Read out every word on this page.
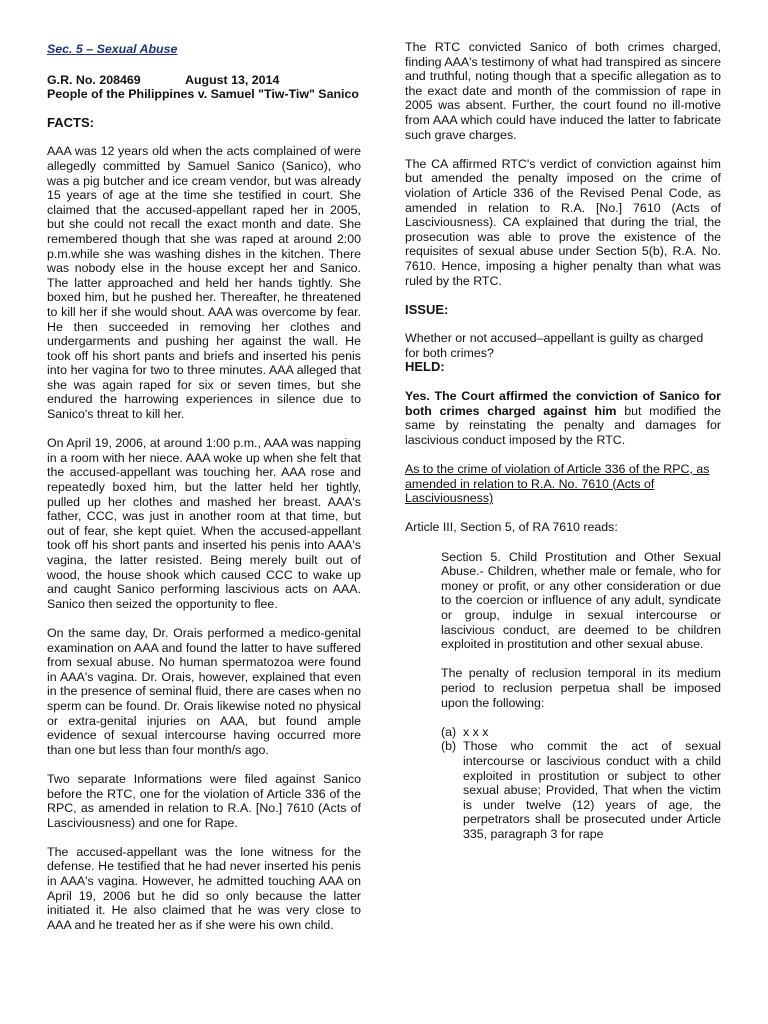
Sec. 5 – Sexual Abuse
G.R. No. 208469	August 13, 2014
People of the Philippines v. Samuel "Tiw-Tiw" Sanico
FACTS:

AAA was 12 years old when the acts complained of were allegedly committed by Samuel Sanico (Sanico), who was a pig butcher and ice cream vendor, but was already 15 years of age at the time she testified in court. She claimed that the accused-appellant raped her in 2005, but she could not recall the exact month and date. She remembered though that she was raped at around 2:00 p.m.while she was washing dishes in the kitchen. There was nobody else in the house except her and Sanico. The latter approached and held her hands tightly. She boxed him, but he pushed her. Thereafter, he threatened to kill her if she would shout. AAA was overcome by fear. He then succeeded in removing her clothes and undergarments and pushing her against the wall. He took off his short pants and briefs and inserted his penis into her vagina for two to three minutes. AAA alleged that she was again raped for six or seven times, but she endured the harrowing experiences in silence due to Sanico's threat to kill her.

On April 19, 2006, at around 1:00 p.m., AAA was napping in a room with her niece. AAA woke up when she felt that the accused-appellant was touching her. AAA rose and repeatedly boxed him, but the latter held her tightly, pulled up her clothes and mashed her breast. AAA's father, CCC, was just in another room at that time, but out of fear, she kept quiet. When the accused-appellant took off his short pants and inserted his penis into AAA's vagina, the latter resisted. Being merely built out of wood, the house shook which caused CCC to wake up and caught Sanico performing lascivious acts on AAA. Sanico then seized the opportunity to flee.

On the same day, Dr. Orais performed a medico-genital examination on AAA and found the latter to have suffered from sexual abuse. No human spermatozoa were found in AAA's vagina. Dr. Orais, however, explained that even in the presence of seminal fluid, there are cases when no sperm can be found. Dr. Orais likewise noted no physical or extra-genital injuries on AAA, but found ample evidence of sexual intercourse having occurred more than one but less than four month/s ago.

Two separate Informations were filed against Sanico before the RTC, one for the violation of Article 336 of the RPC, as amended in relation to R.A. [No.] 7610 (Acts of Lasciviousness) and one for Rape.

The accused-appellant was the lone witness for the defense. He testified that he had never inserted his penis in AAA's vagina. However, he admitted touching AAA on April 19, 2006 but he did so only because the latter initiated it. He also claimed that he was very close to AAA and he treated her as if she were his own child.

The RTC convicted Sanico of both crimes charged, finding AAA's testimony of what had transpired as sincere and truthful, noting though that a specific allegation as to the exact date and month of the commission of rape in 2005 was absent. Further, the court found no ill-motive from AAA which could have induced the latter to fabricate such grave charges.

The CA affirmed RTC's verdict of conviction against him but amended the penalty imposed on the crime of violation of Article 336 of the Revised Penal Code, as amended in relation to R.A. [No.] 7610 (Acts of Lasciviousness). CA explained that during the trial, the prosecution was able to prove the existence of the requisites of sexual abuse under Section 5(b), R.A. No. 7610. Hence, imposing a higher penalty than what was ruled by the RTC.

ISSUE:
Whether or not accused–appellant is guilty as charged for both crimes?
HELD:

Yes. The Court affirmed the conviction of Sanico for both crimes charged against him but modified the same by reinstating the penalty and damages for lascivious conduct imposed by the RTC.

As to the crime of violation of Article 336 of the RPC, as amended in relation to R.A. No. 7610 (Acts of Lasciviousness)

Article III, Section 5, of RA 7610 reads:

Section 5. Child Prostitution and Other Sexual Abuse.- Children, whether male or female, who for money or profit, or any other consideration or due to the coercion or influence of any adult, syndicate or group, indulge in sexual intercourse or lascivious conduct, are deemed to be children exploited in prostitution and other sexual abuse.

The penalty of reclusion temporal in its medium period to reclusion perpetua shall be imposed upon the following:

(a) x x x
(b) Those who commit the act of sexual intercourse or lascivious conduct with a child exploited in prostitution or subject to other sexual abuse; Provided, That when the victim is under twelve (12) years of age, the perpetrators shall be prosecuted under Article 335, paragraph 3 for rape
